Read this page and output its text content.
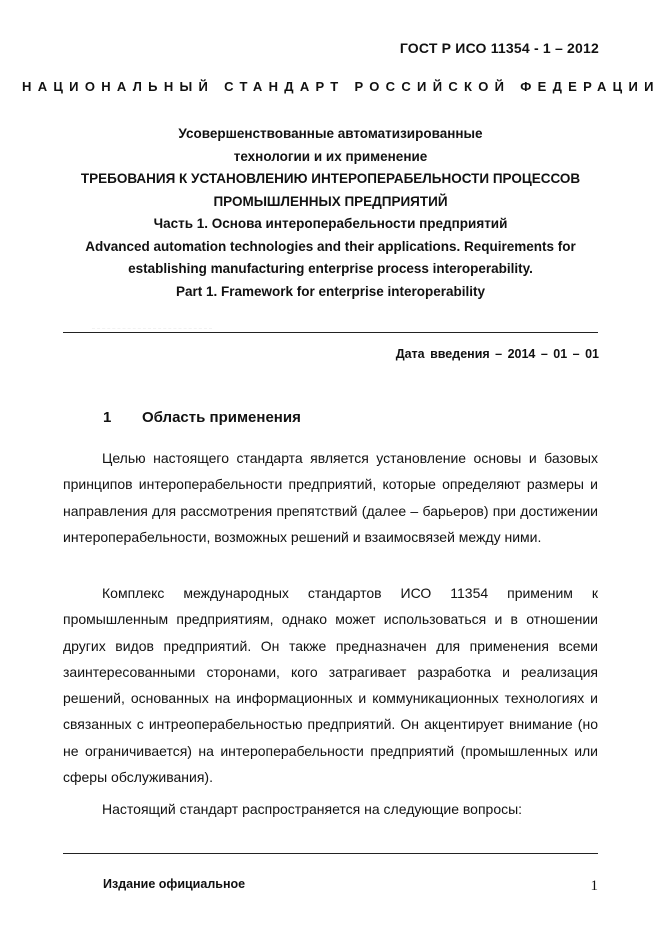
ГОСТ Р ИСО 11354 - 1 – 2012
НАЦИОНАЛЬНЫЙ СТАНДАРТ РОССИЙСКОЙ ФЕДЕРАЦИИ
Усовершенствованные автоматизированные
технологии и их применение
ТРЕБОВАНИЯ К УСТАНОВЛЕНИЮ ИНТЕРОПЕРАБЕЛЬНОСТИ ПРОЦЕССОВ
ПРОМЫШЛЕННЫХ ПРЕДПРИЯТИЙ
Часть 1. Основа интероперабельности предприятий
Advanced automation technologies and their applications. Requirements for
establishing manufacturing enterprise process interoperability.
Part 1. Framework for enterprise interoperability
Дата введения – 2014 – 01 – 01
1 Область применения

Целью настоящего стандарта является установление основы и базовых принципов интероперабельности предприятий, которые определяют размеры и направления для рассмотрения препятствий (далее – барьеров) при достижении интероперабельности, возможных решений и взаимосвязей между ними.

Комплекс международных стандартов ИСО 11354 применим к промышленным предприятиям, однако может использоваться и в отношении других видов предприятий. Он также предназначен для применения всеми заинтересованными сторонами, кого затрагивает разработка и реализация решений, основанных на информационных и коммуникационных технологиях и связанных с интреоперабельностью предприятий. Он акцентирует внимание (но не ограничивается) на интероперабельности предприятий (промышленных или сферы обслуживания).

Настоящий стандарт распространяется на следующие вопросы:

Издание официальное	1
